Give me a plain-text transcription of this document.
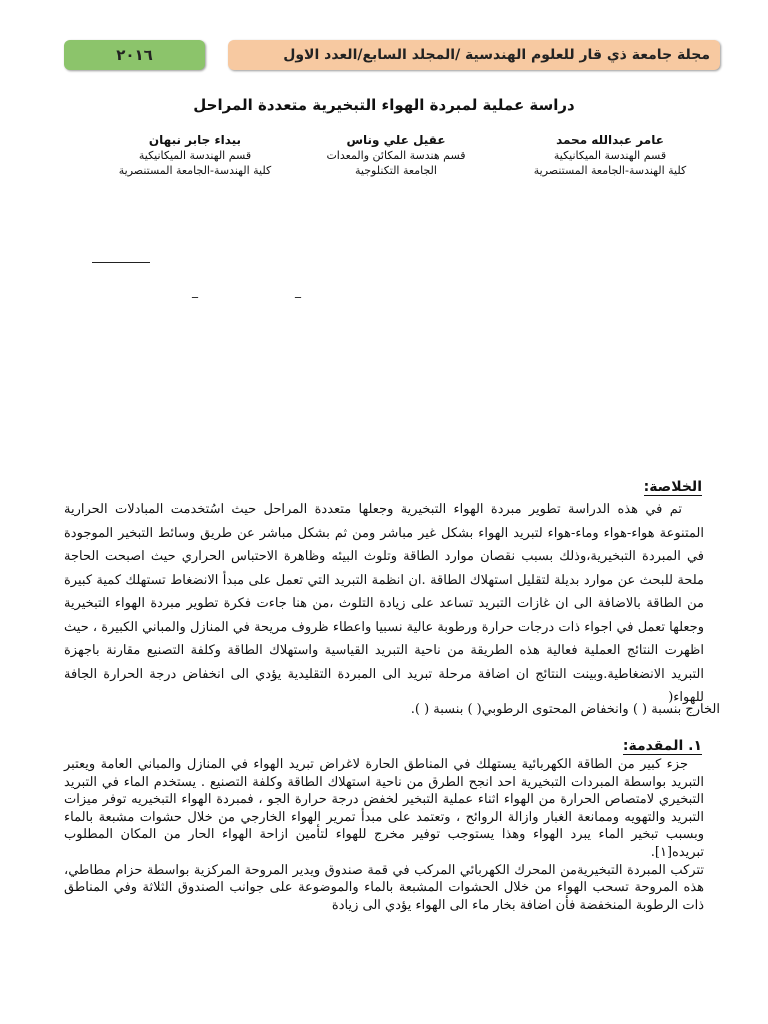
٢٠١٦	مجلة جامعة ذي قار للعلوم الهندسية /المجلد السابع/العدد الاول
دراسة عملية لمبردة الهواء التبخيرية متعددة المراحل
عامر عبدالله محمد
قسم الهندسة الميكانيكية
كلية الهندسة-الجامعة المستنصرية
عقيل علي وناس
قسم هندسة المكائن والمعدات
الجامعة التكنلوجية
بيداء جابر نبهان
قسم الهندسة الميكانيكية
كلية الهندسة-الجامعة المستنصرية
_	_
الخلاصة:

تم في هذه الدراسة تطوير مبردة الهواء التبخيرية وجعلها متعددة المراحل حيث اسُتخدمت المبادلات الحرارية المتنوعة هواء-هواء وماء-هواء لتبريد الهواء بشكل غير مباشر ومن ثم بشكل مباشر عن طريق وسائط التبخير الموجودة في المبردة التبخيرية،وذلك بسبب نقصان موارد الطاقة وتلوث البيئه وظاهرة الاحتباس الحراري حيث اصبحت الحاجة ملحة للبحث عن موارد بديلة لتقليل استهلاك الطاقة .ان انظمة التبريد التي تعمل على مبدأ الانضغاط تستهلك كمية كبيرة من الطاقة بالاضافة الى ان غازات التبريد تساعد على زيادة التلوث ،من هنا جاءت فكرة تطوير مبردة الهواء التبخيرية وجعلها تعمل في اجواء ذات درجات حرارة ورطوبة عالية نسبيا واعطاء ظروف مريحة في المنازل والمباني الكبيرة ، حيث اظهرت النتائج العملية فعالية هذه الطريقة من ناحية التبريد القياسية واستهلاك الطاقة وكلفة التصنيع مقارنة باجهزة التبريد الانضغاطية.وبينت النتائج ان اضافة مرحلة تبريد الى المبردة التقليدية يؤدي الى انخفاض درجة الحرارة الجافة للهواء(

الخارج بنسبة ( ) وانخفاض المحتوى الرطوبي( ) بنسبة ( ).
١. المقدمة:

جزء كبير من الطاقة الكهربائية يستهلك في المناطق الحارة لاغراض تبريد الهواء في المنازل والمباني العامة ويعتبر التبريد بواسطة المبردات التبخيرية احد انجح الطرق من ناحية استهلاك الطاقة وكلفة التصنيع . يستخدم الماء في التبريد التبخيري لامتصاص الحرارة من الهواء اثناء عملية التبخير لخفض درجة حرارة الجو ، فمبردة الهواء التبخيريه توفر ميزات التبريد والتهويه وممانعة الغبار وازالة الروائح ، وتعتمد على مبدأ تمرير الهواء الخارجي من خلال حشوات مشبعة بالماء وبسبب تبخير الماء يبرد الهواء وهذا يستوجب توفير مخرج للهواء لتأمين ازاحة الهواء الحار من المكان المطلوب تبريده[١].

تتركب المبردة التبخيريةمن المحرك الكهربائي المركب في قمة صندوق ويدير المروحة المركزية بواسطة حزام مطاطي، هذه المروحة تسحب الهواء من خلال الحشوات المشبعة بالماء والموضوعة على جوانب الصندوق الثلاثة وفي المناطق ذات الرطوبة المنخفضة فأن اضافة بخار ماء الى الهواء يؤدي الى زيادة
